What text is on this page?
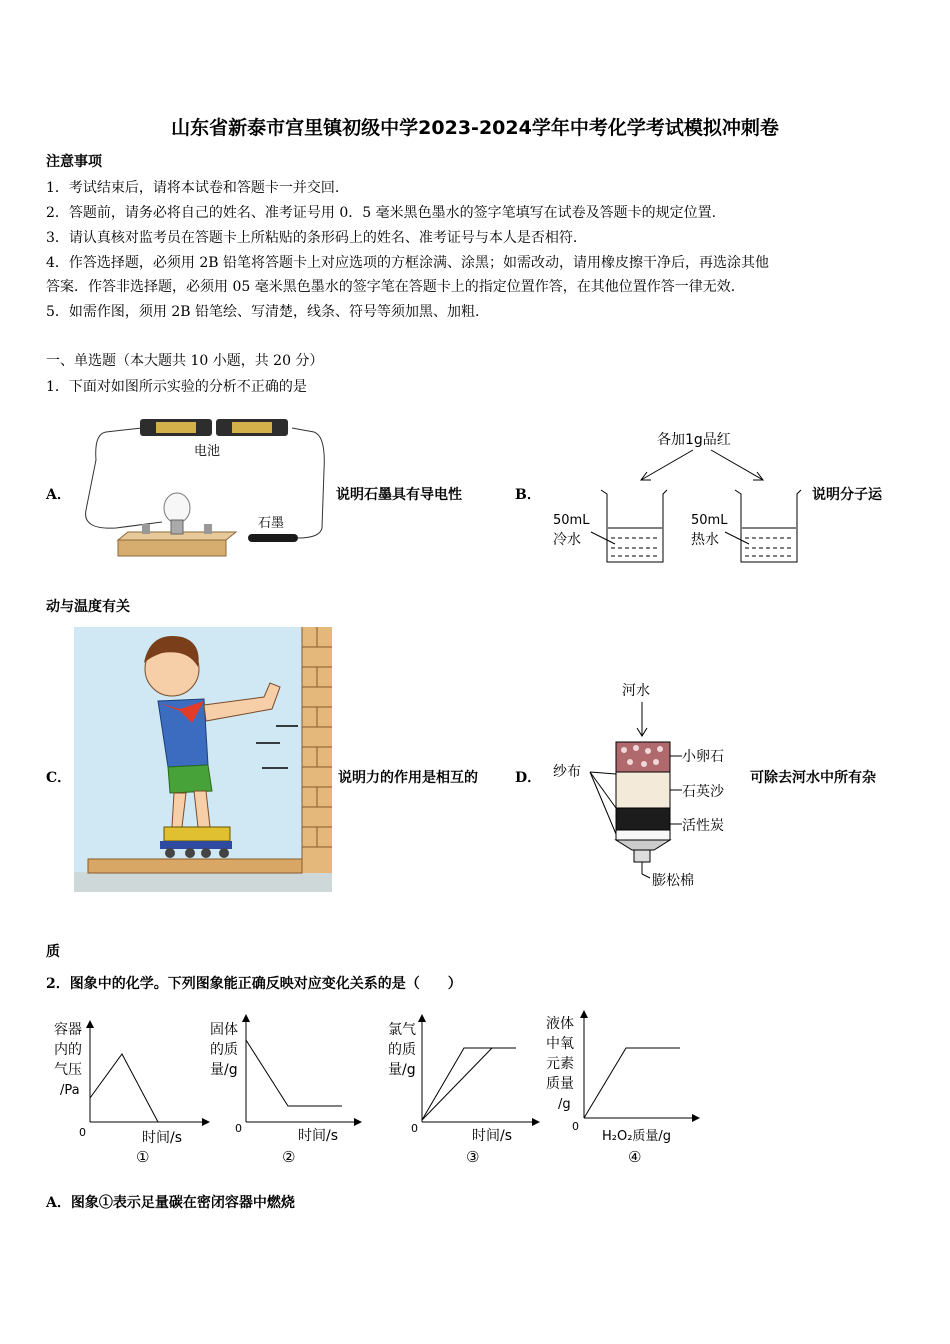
山东省新泰市宫里镇初级中学2023-2024学年中考化学考试模拟冲刺卷
注意事项
1．考试结束后，请将本试卷和答题卡一并交回.
2．答题前，请务必将自己的姓名、准考证号用 0．5 毫米黑色墨水的签字笔填写在试卷及答题卡的规定位置.
3．请认真核对监考员在答题卡上所粘贴的条形码上的姓名、准考证号与本人是否相符.
4．作答选择题，必须用 2B 铅笔将答题卡上对应选项的方框涂满、涂黑；如需改动，请用橡皮擦干净后，再选涂其他
答案．作答非选择题，必须用 05 毫米黑色墨水的签字笔在答题卡上的指定位置作答，在其他位置作答一律无效.
5．如需作图，须用 2B 铅笔绘、写清楚，线条、符号等须加黑、加粗.
一、单选题（本大题共 10 小题，共 20 分）
1．下面对如图所示实验的分析不正确的是
A．
电池
石墨
说明石墨具有导电性	B．
各加1g品红
50mL
冷水
50mL
热水
说明分子运
动与温度有关
C．	说明力的作用是相互的	D．
河水
纱布
小卵石
石英沙
活性炭
膨松棉
可除去河水中所有杂
质
2．图象中的化学。下列图象能正确反映对应变化关系的是（　　）
容器
内的
气压
/Pa
0	时间/s
①
固体
的质
量/g
0	时间/s
②
氯气
的质
量/g
0	时间/s
③
液体
中氧
元素
质量
/g
0
H₂O₂质量/g
④
A．图象①表示足量碳在密闭容器中燃烧
